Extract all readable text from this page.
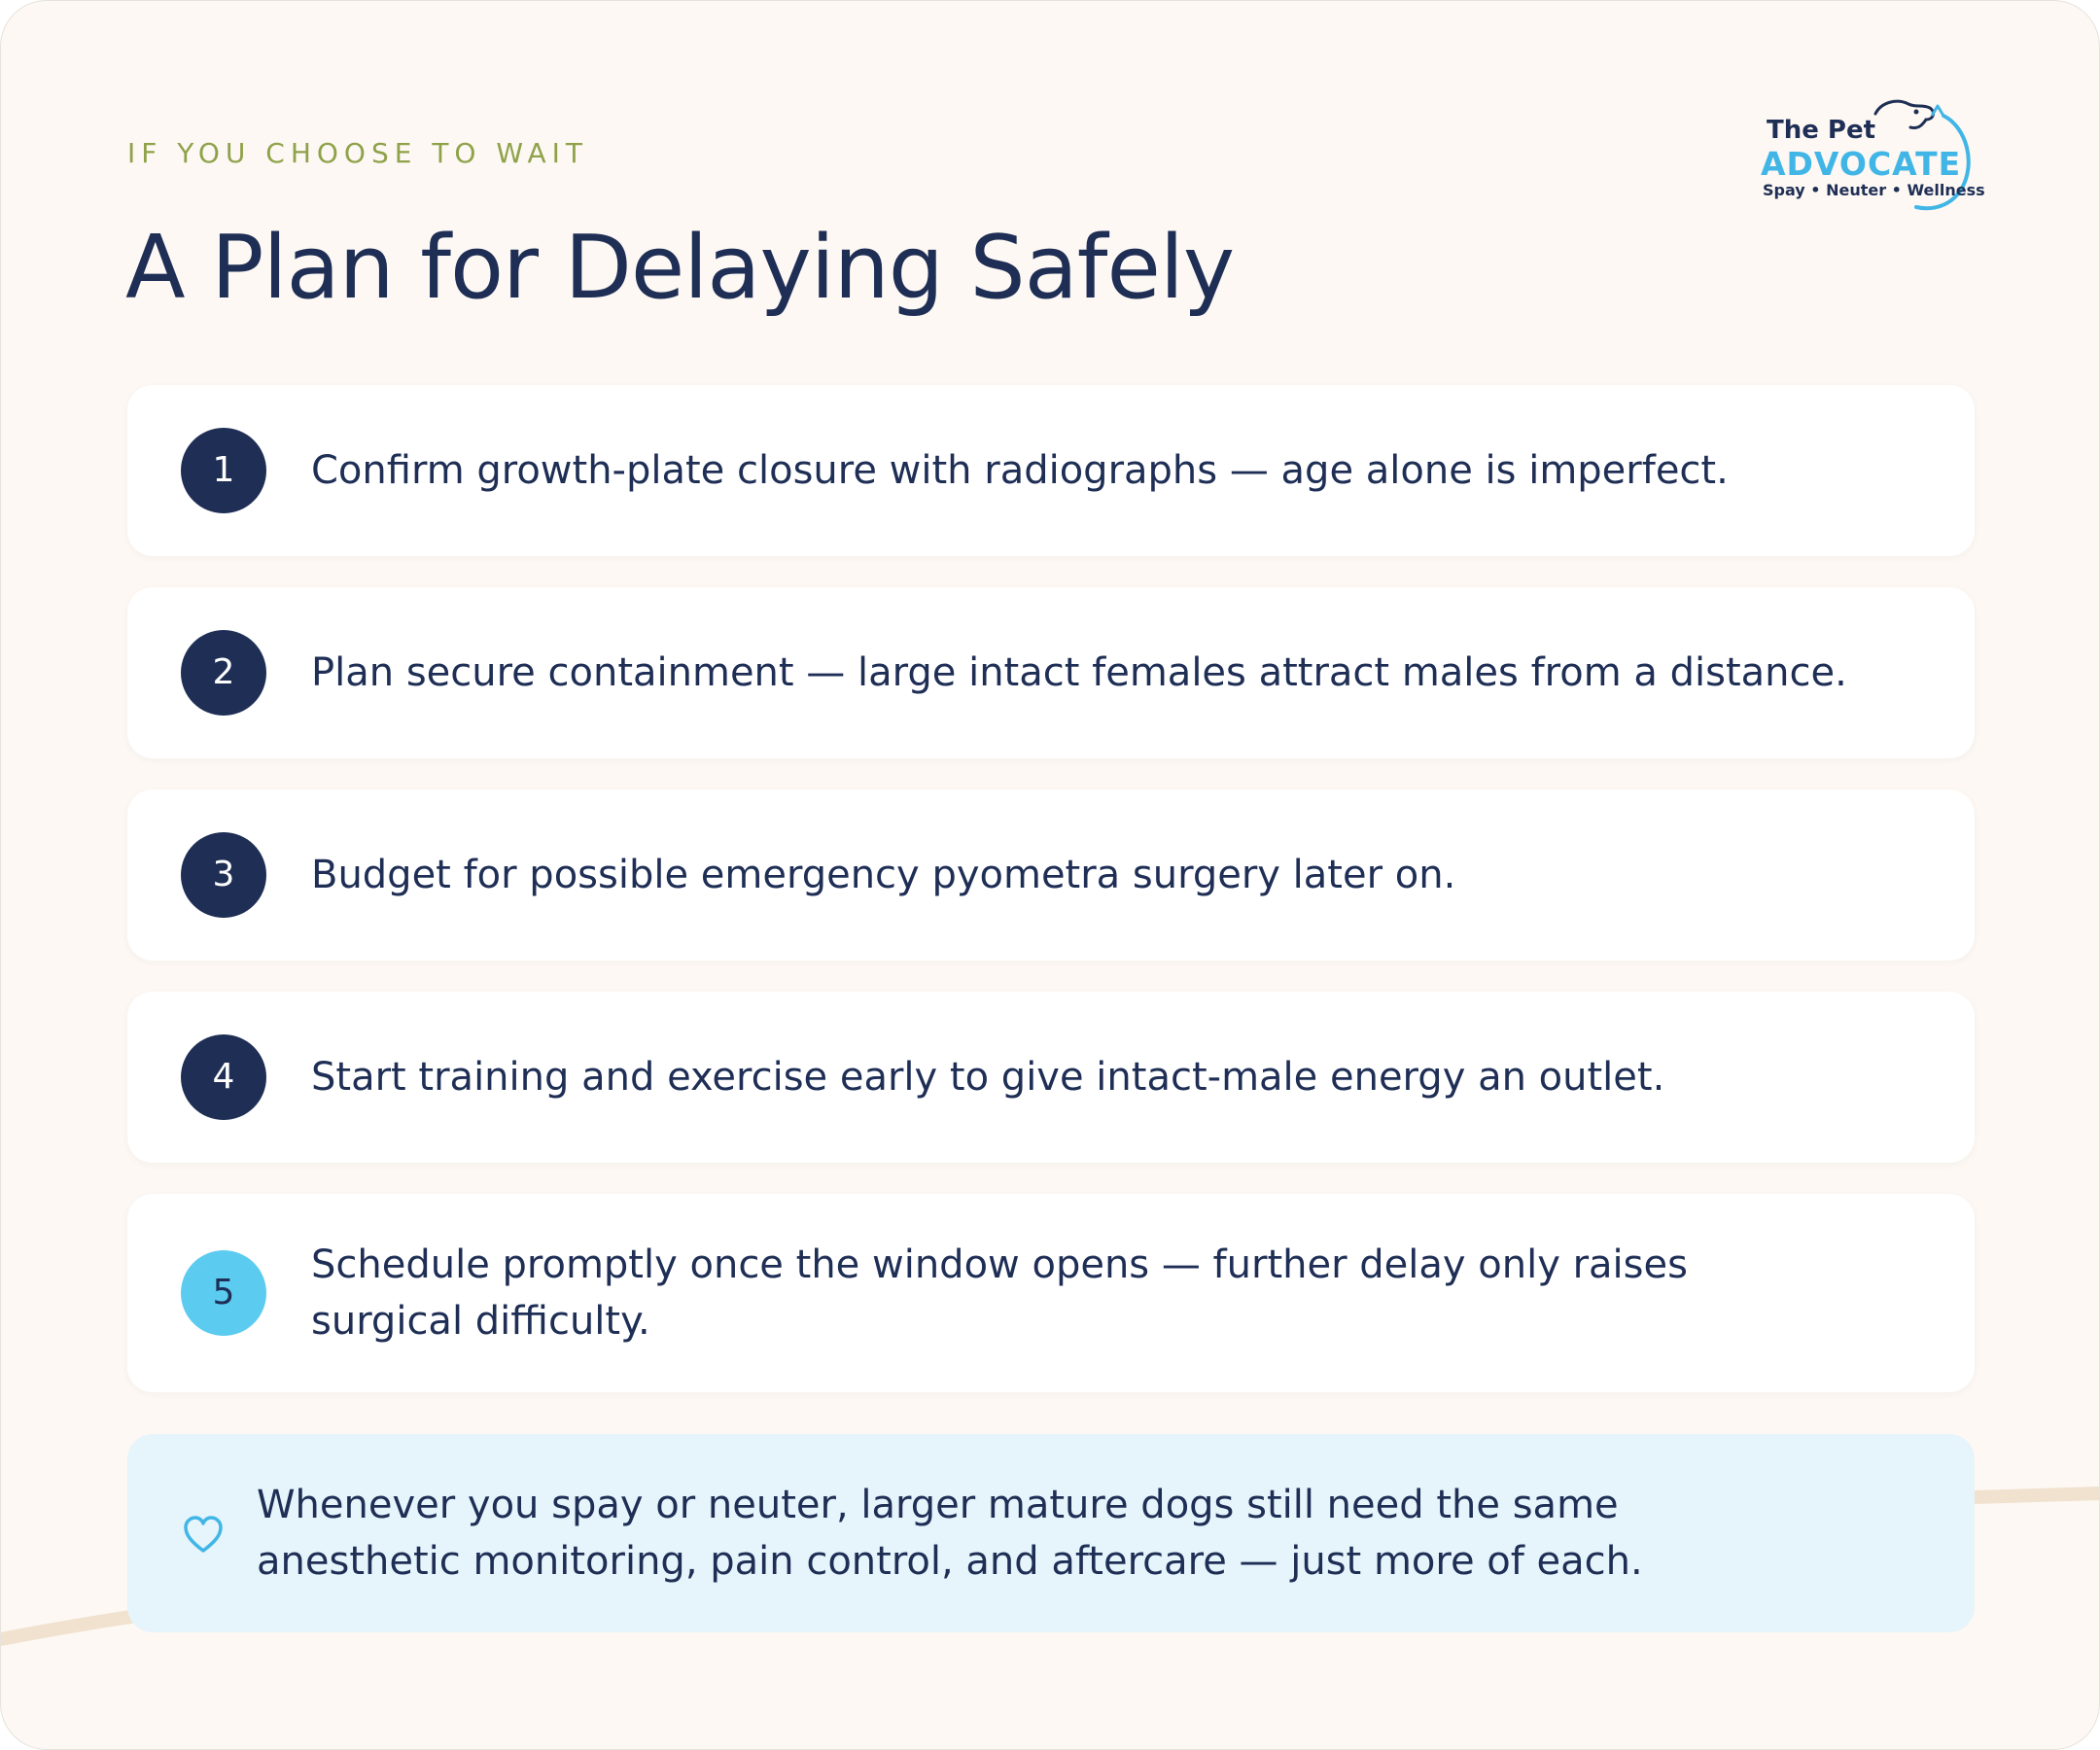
IF YOU CHOOSE TO WAIT
A Plan for Delaying Safely
The Pet
ADVOCATE
Spay • Neuter • Wellness
1	Confirm growth-plate closure with radiographs — age alone is imperfect.
2	Plan secure containment — large intact females attract males from a distance.
3	Budget for possible emergency pyometra surgery later on.
4	Start training and exercise early to give intact-male energy an outlet.
5
Schedule promptly once the window opens — further delay only raises surgical difficulty.
Whenever you spay or neuter, larger mature dogs still need the same anesthetic monitoring, pain control, and aftercare — just more of each.
